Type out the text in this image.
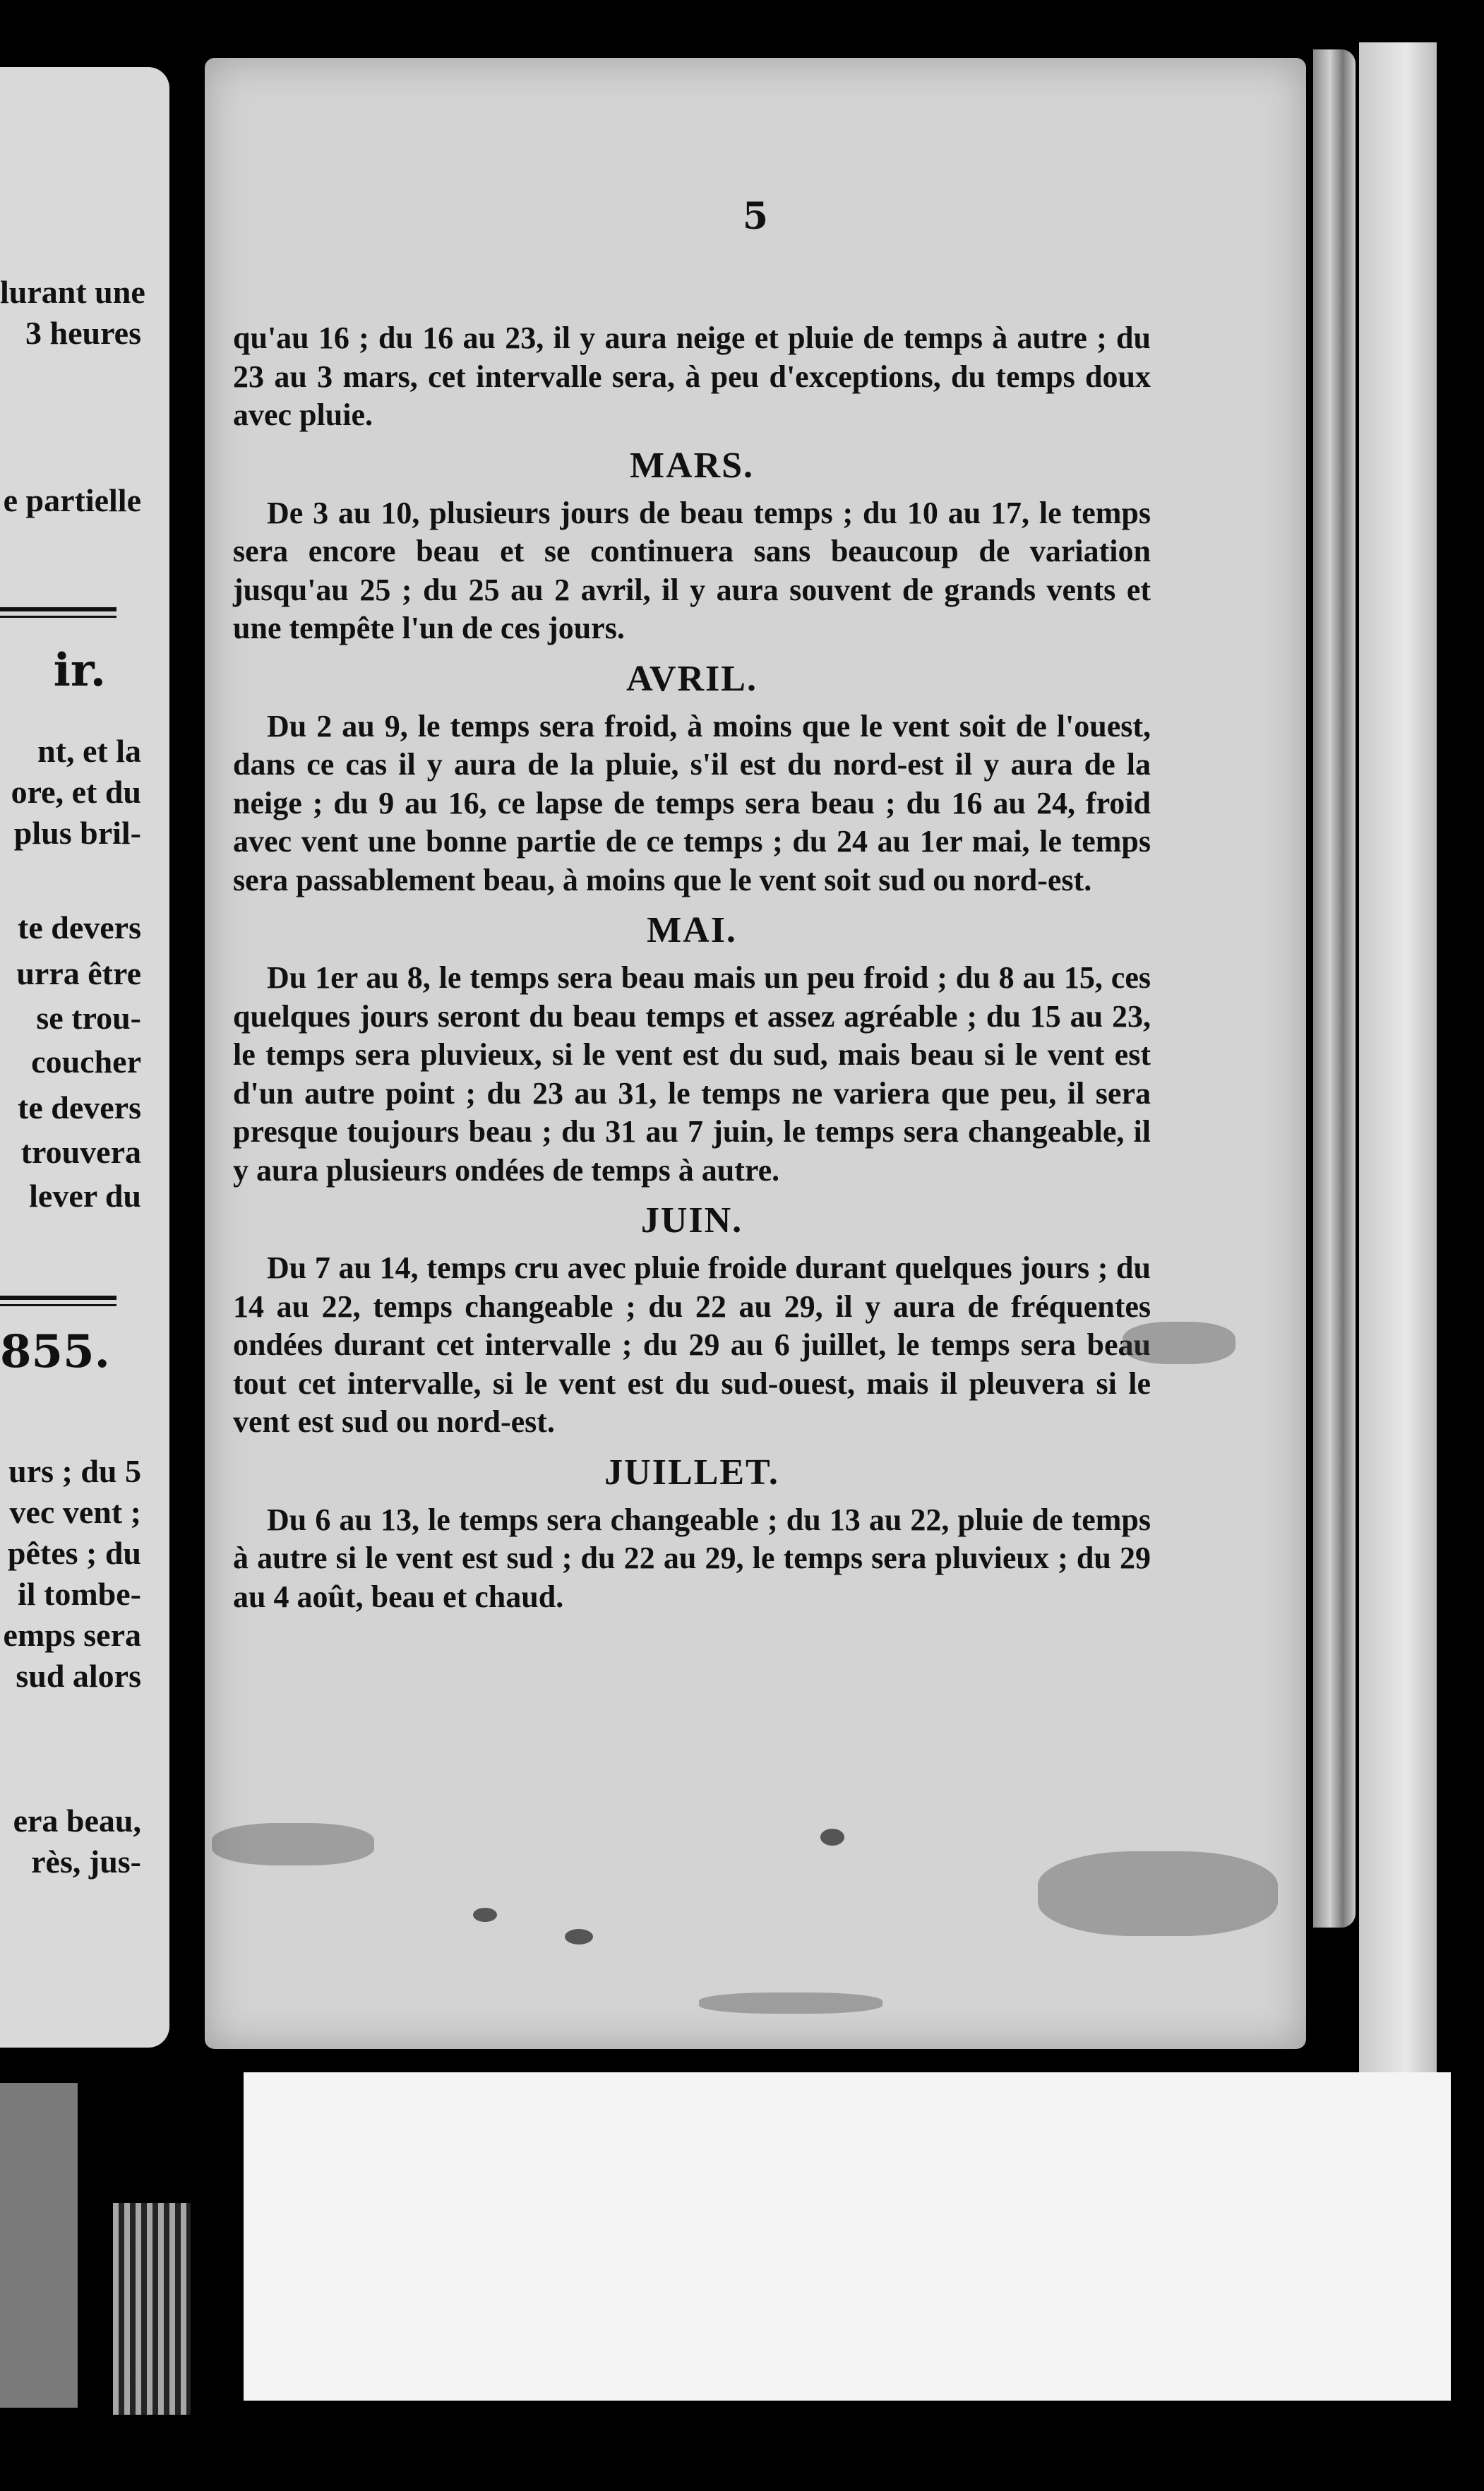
lurant une
3 heures
e partielle
ir.
nt, et la
ore, et du
plus bril-
te devers
urra être
se trou-
coucher
te devers
trouvera
lever du
855.
urs ; du 5
vec vent ;
pêtes ; du
il tombe-
emps sera
sud alors
era beau,
rès, jus-
5

qu'au 16 ; du 16 au 23, il y aura neige et pluie de temps à autre ; du 23 au 3 mars, cet intervalle sera, à peu d'exceptions, du temps doux avec pluie.

MARS.

De 3 au 10, plusieurs jours de beau temps ; du 10 au 17, le temps sera encore beau et se continuera sans beaucoup de variation jusqu'au 25 ; du 25 au 2 avril, il y aura souvent de grands vents et une tempête l'un de ces jours.

AVRIL.

Du 2 au 9, le temps sera froid, à moins que le vent soit de l'ouest, dans ce cas il y aura de la pluie, s'il est du nord-est il y aura de la neige ; du 9 au 16, ce lapse de temps sera beau ; du 16 au 24, froid avec vent une bonne partie de ce temps ; du 24 au 1er mai, le temps sera passablement beau, à moins que le vent soit sud ou nord-est.

MAI.

Du 1er au 8, le temps sera beau mais un peu froid ; du 8 au 15, ces quelques jours seront du beau temps et assez agréable ; du 15 au 23, le temps sera pluvieux, si le vent est du sud, mais beau si le vent est d'un autre point ; du 23 au 31, le temps ne variera que peu, il sera presque toujours beau ; du 31 au 7 juin, le temps sera changeable, il y aura plusieurs ondées de temps à autre.

JUIN.

Du 7 au 14, temps cru avec pluie froide durant quelques jours ; du 14 au 22, temps changeable ; du 22 au 29, il y aura de fréquentes ondées durant cet intervalle ; du 29 au 6 juillet, le temps sera beau tout cet intervalle, si le vent est du sud-ouest, mais il pleuvera si le vent est sud ou nord-est.

JUILLET.

Du 6 au 13, le temps sera changeable ; du 13 au 22, pluie de temps à autre si le vent est sud ; du 22 au 29, le temps sera pluvieux ; du 29 au 4 août, beau et chaud.
